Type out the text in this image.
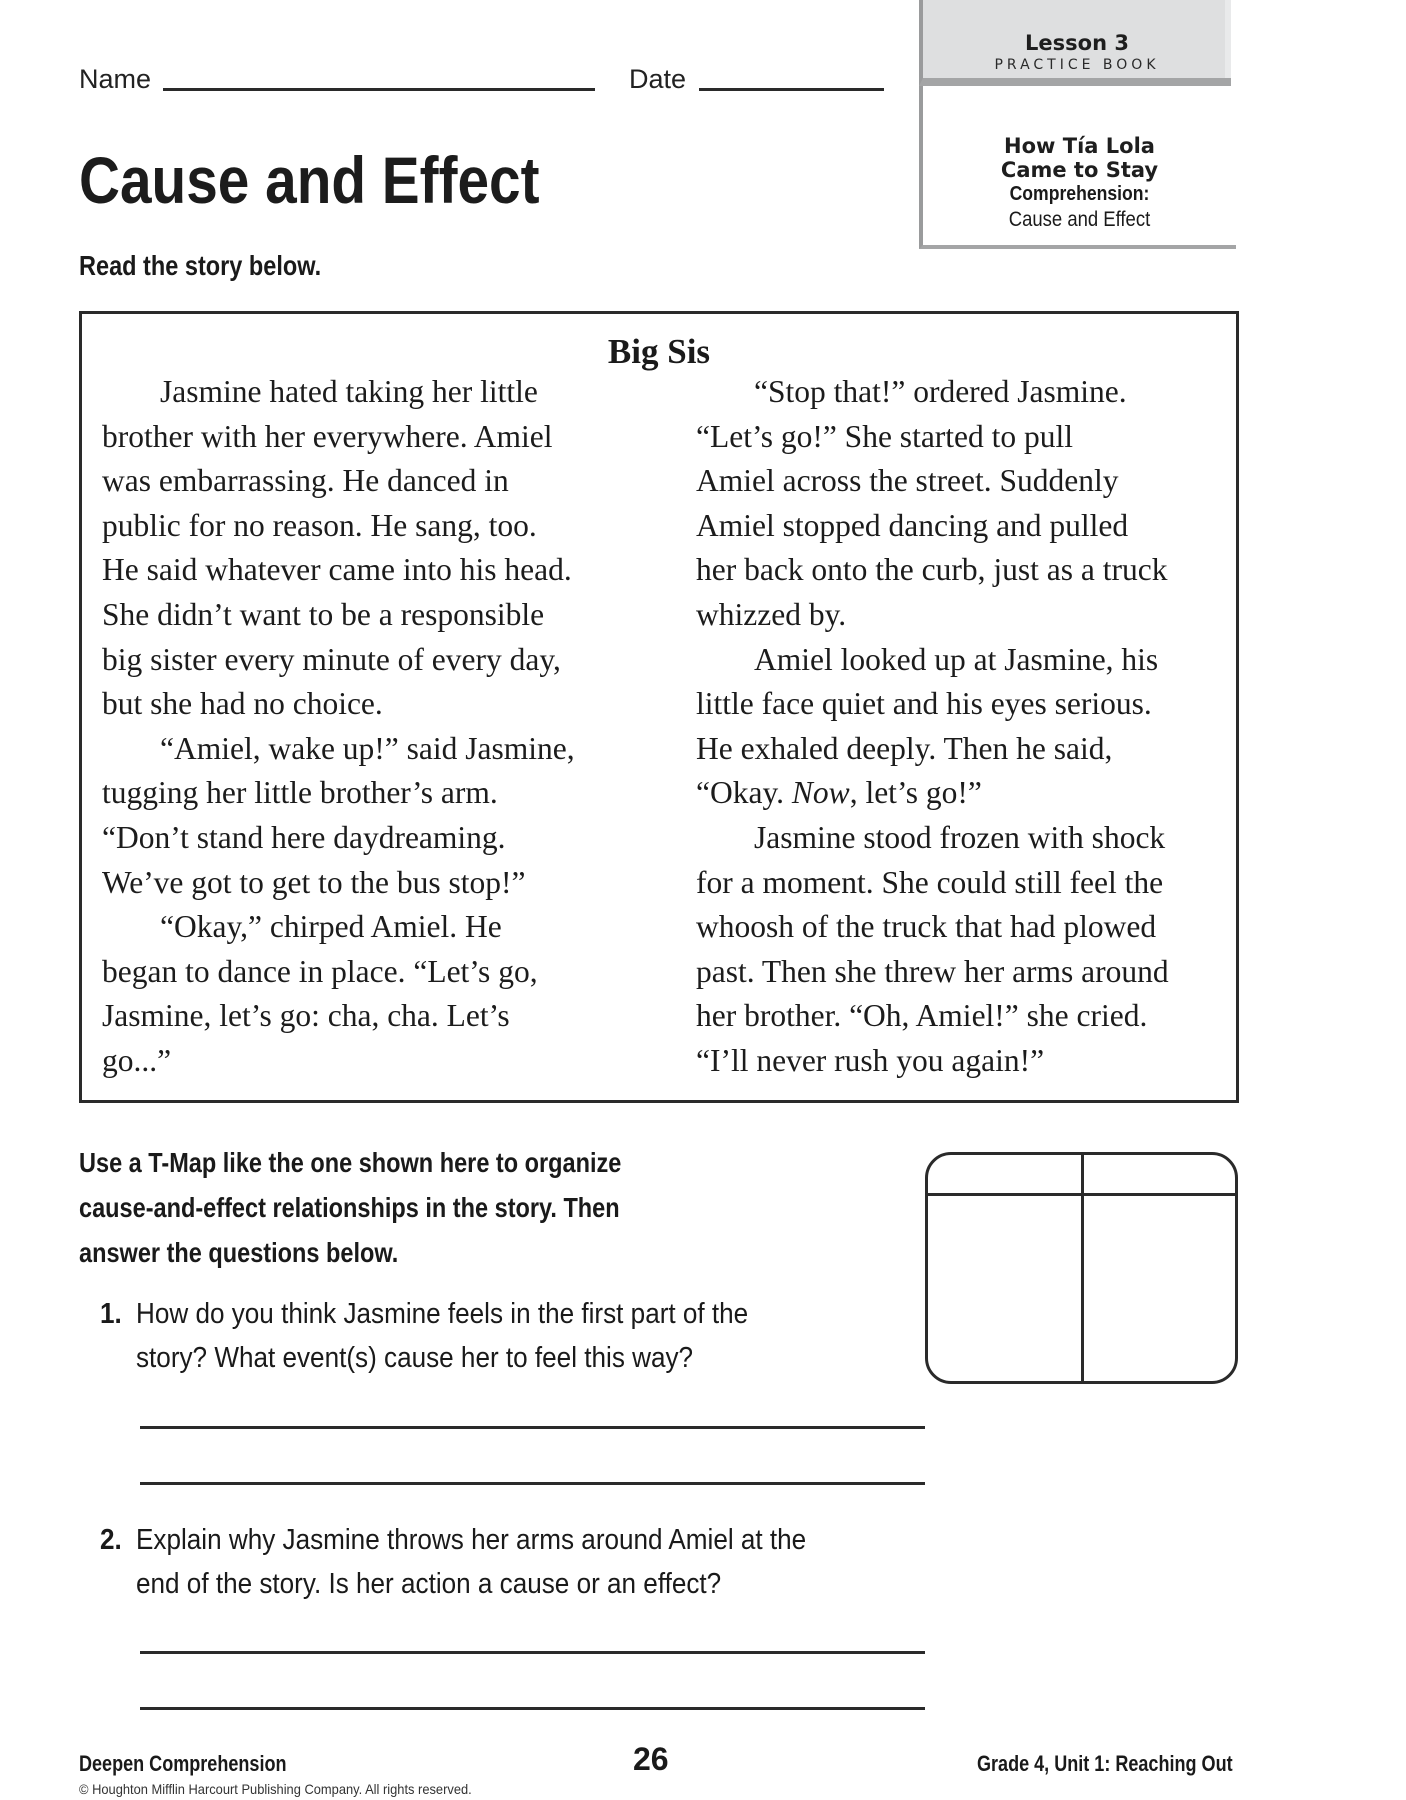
Name	Date
Lesson 3
PRACTICE BOOK
How Tía Lola
Came to Stay
Comprehension:
Cause and Effect
Cause and Effect
Read the story below.
Big Sis
Jasmine hated taking her little
brother with her everywhere. Amiel
was embarrassing. He danced in
public for no reason. He sang, too.
He said whatever came into his head.
She didn’t want to be a responsible
big sister every minute of every day,
but she had no choice.
“Amiel, wake up!” said Jasmine,
tugging her little brother’s arm.
“Don’t stand here daydreaming.
We’ve got to get to the bus stop!”
“Okay,” chirped Amiel. He
began to dance in place. “Let’s go,
Jasmine, let’s go: cha, cha. Let’s
go...”
“Stop that!” ordered Jasmine.
“Let’s go!” She started to pull
Amiel across the street. Suddenly
Amiel stopped dancing and pulled
her back onto the curb, just as a truck
whizzed by.
Amiel looked up at Jasmine, his
little face quiet and his eyes serious.
He exhaled deeply. Then he said,
“Okay. Now, let’s go!”
Jasmine stood frozen with shock
for a moment. She could still feel the
whoosh of the truck that had plowed
past. Then she threw her arms around
her brother. “Oh, Amiel!” she cried.
“I’ll never rush you again!”
Use a T-Map like the one shown here to organize
cause-and-effect relationships in the story. Then
answer the questions below.
1. How do you think Jasmine feels in the first part of the
story? What event(s) cause her to feel this way?
2. Explain why Jasmine throws her arms around Amiel at the
end of the story. Is her action a cause or an effect?
Deepen Comprehension	26	Grade 4, Unit 1: Reaching Out
© Houghton Mifflin Harcourt Publishing Company. All rights reserved.
